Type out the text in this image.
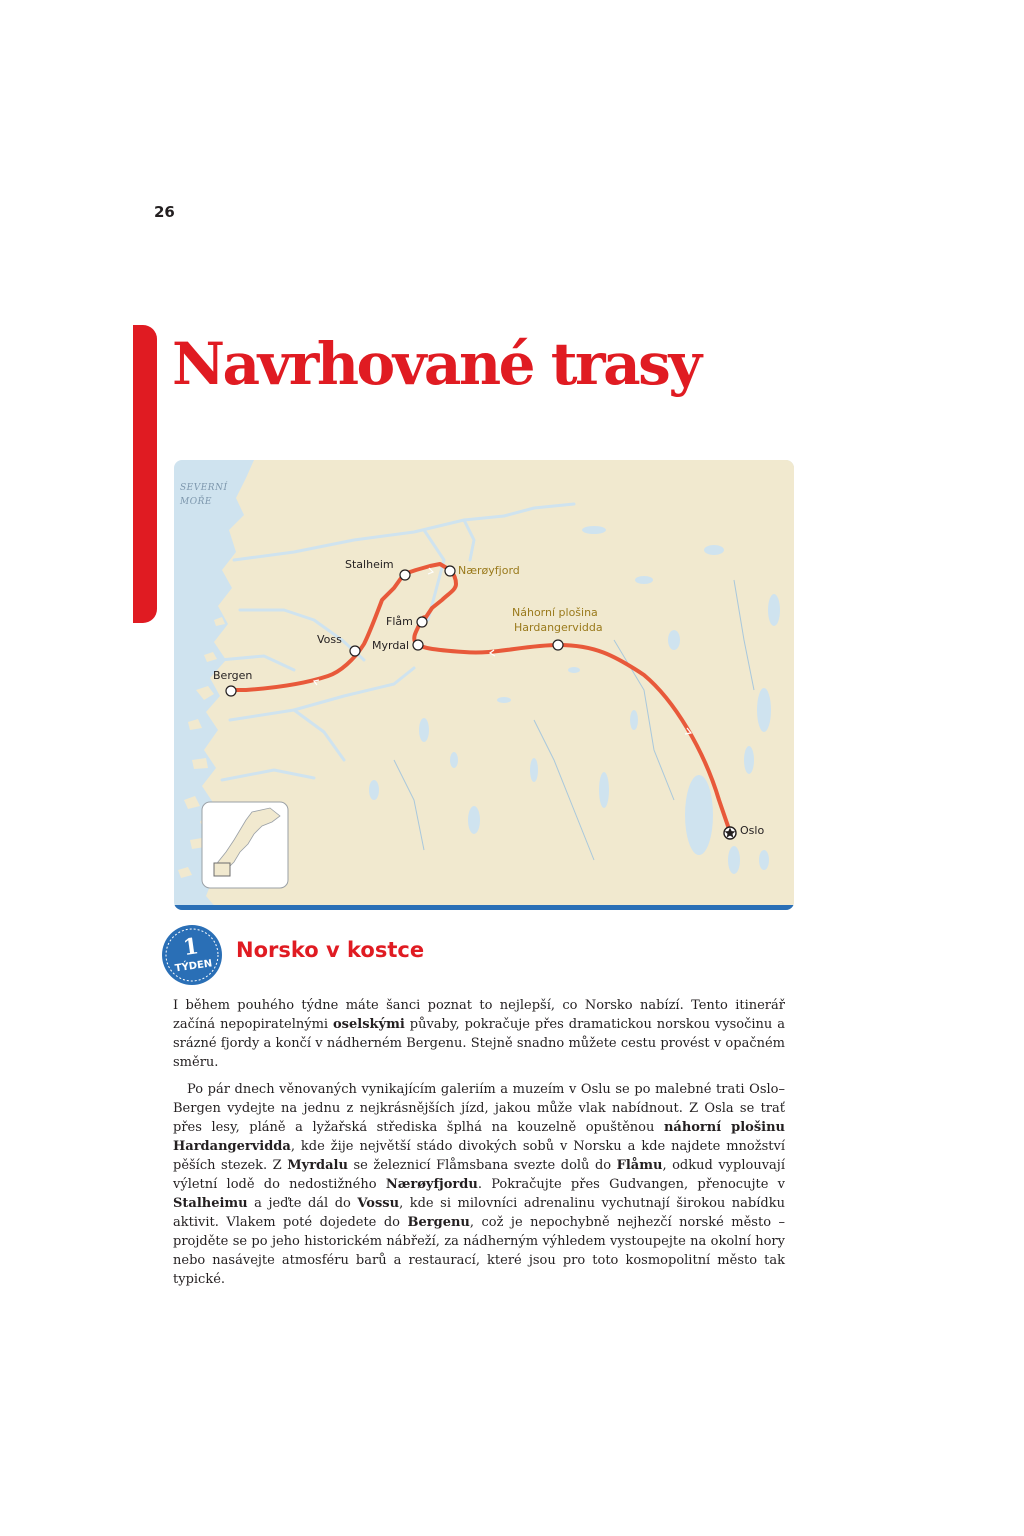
26
Navrhované trasy
SEVERNÍ
MOŘE
Stalheim	Nærøyfjord
Flåm
Myrdal
Voss
Bergen
Náhorní plošina
Hardangervidda
Oslo
1
TÝDEN
Norsko v kostce

I během pouhého týdne máte šanci poznat to nejlepší, co Norsko nabízí. Tento itinerář začíná nepopiratelnými oselskými půvaby, pokračuje přes dramatickou norskou vysočinu a srázné fjordy a končí v nádherném Bergenu. Stejně snadno můžete cestu provést v opačném směru.

Po pár dnech věnovaných vynikajícím galeriím a muzeím v Oslu se po malebné trati Oslo–Bergen vydejte na jednu z nejkrásnějších jízd, jakou může vlak nabídnout. Z Osla se trať přes lesy, pláně a lyžařská střediska šplhá na kouzelně opuštěnou náhorní plošinu Hardangervidda, kde žije největší stádo divokých sobů v Norsku a kde najdete množství pěších stezek. Z Myrdalu se železnicí Flåmsbana svezte dolů do Flåmu, odkud vyplouvají výletní lodě do nedostižného Nærøyfjordu. Pokračujte přes Gudvangen, přenocujte v Stalheimu a jeďte dál do Vossu, kde si milovníci adrenalinu vychutnají širokou nabídku aktivit. Vlakem poté dojedete do Bergenu, což je nepochybně nejhezčí norské město – projděte se po jeho historickém nábřeží, za nádherným výhledem vystoupejte na okolní hory nebo nasávejte atmosféru barů a restaurací, které jsou pro toto kosmopolitní město tak typické.
